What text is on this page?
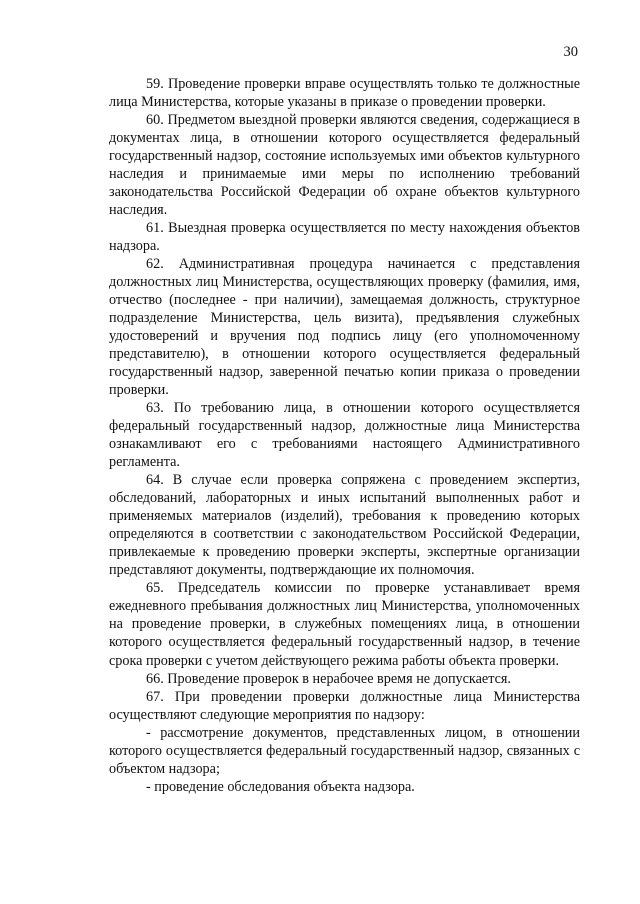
30

59. Проведение проверки вправе осуществлять только те должностные лица Министерства, которые указаны в приказе о проведении проверки.

60. Предметом выездной проверки являются сведения, содержащиеся в документах лица, в отношении которого осуществляется федеральный государственный надзор, состояние используемых ими объектов культурного наследия и принимаемые ими меры по исполнению требований законодательства Российской Федерации об охране объектов культурного наследия.

61. Выездная проверка осуществляется по месту нахождения объектов надзора.

62. Административная процедура начинается с представления должностных лиц Министерства, осуществляющих проверку (фамилия, имя, отчество (последнее - при наличии), замещаемая должность, структурное подразделение Министерства, цель визита), предъявления служебных удостоверений и вручения под подпись лицу (его уполномоченному представителю), в отношении которого осуществляется федеральный государственный надзор, заверенной печатью копии приказа о проведении проверки.

63. По требованию лица, в отношении которого осуществляется федеральный государственный надзор, должностные лица Министерства ознакамливают его с требованиями настоящего Административного регламента.

64. В случае если проверка сопряжена с проведением экспертиз, обследований, лабораторных и иных испытаний выполненных работ и применяемых материалов (изделий), требования к проведению которых определяются в соответствии с законодательством Российской Федерации, привлекаемые к проведению проверки эксперты, экспертные организации представляют документы, подтверждающие их полномочия.

65. Председатель комиссии по проверке устанавливает время ежедневного пребывания должностных лиц Министерства, уполномоченных на проведение проверки, в служебных помещениях лица, в отношении которого осуществляется федеральный государственный надзор, в течение срока проверки с учетом действующего режима работы объекта проверки.

66. Проведение проверок в нерабочее время не допускается.

67. При проведении проверки должностные лица Министерства осуществляют следующие мероприятия по надзору:

- рассмотрение документов, представленных лицом, в отношении которого осуществляется федеральный государственный надзор, связанных с объектом надзора;

- проведение обследования объекта надзора.
